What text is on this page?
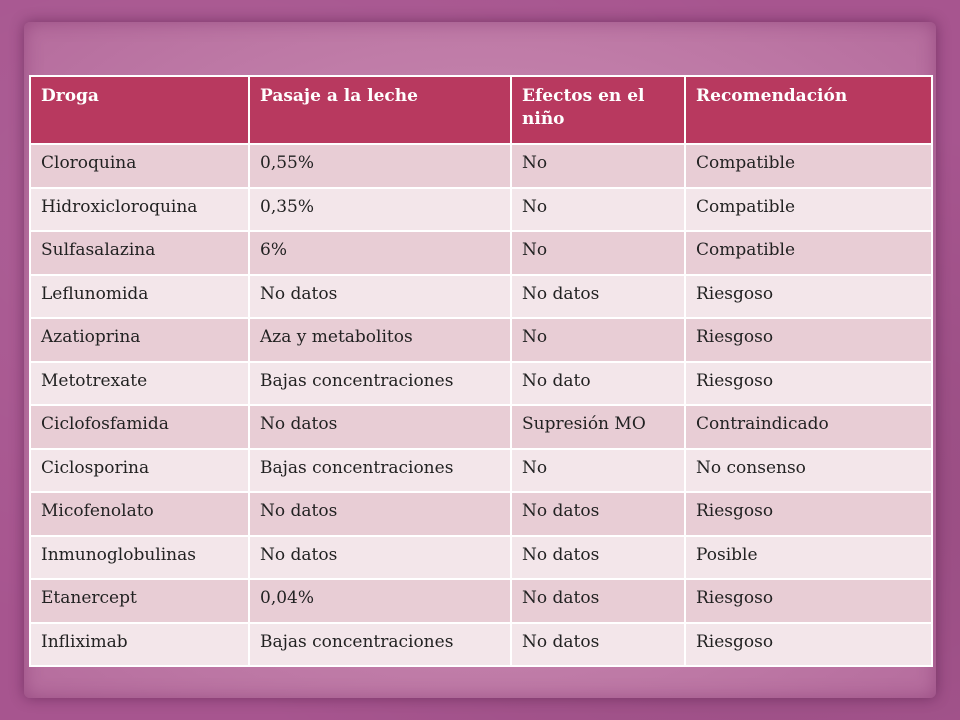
Droga	Pasaje a la leche	Efectos en el niño	Recomendación
Cloroquina	0,55%	No	Compatible
Hidroxicloroquina	0,35%	No	Compatible
Sulfasalazina	6%	No	Compatible
Leflunomida	No datos	No datos	Riesgoso
Azatioprina	Aza y metabolitos	No	Riesgoso
Metotrexate	Bajas concentraciones	No dato	Riesgoso
Ciclofosfamida	No datos	Supresión MO	Contraindicado
Ciclosporina	Bajas concentraciones	No	No consenso
Micofenolato	No datos	No datos	Riesgoso
Inmunoglobulinas	No datos	No datos	Posible
Etanercept	0,04%	No datos	Riesgoso
Infliximab	Bajas concentraciones	No datos	Riesgoso
